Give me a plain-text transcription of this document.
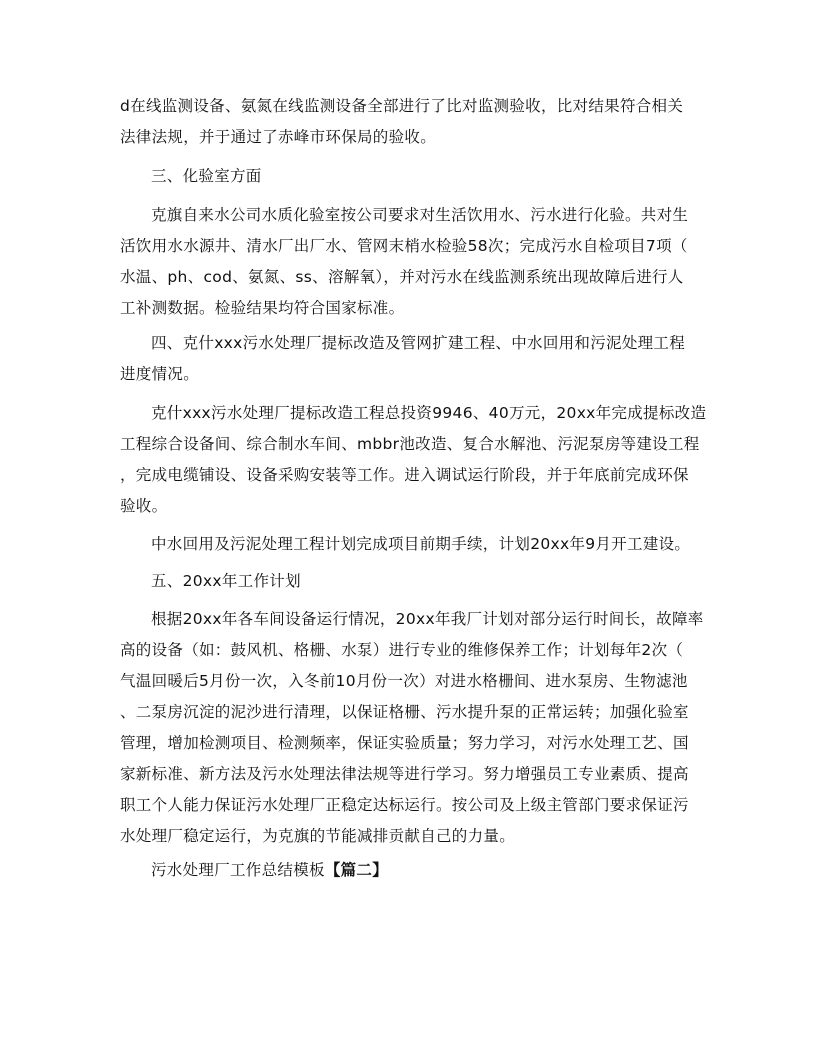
d在线监测设备、氨氮在线监测设备全部进行了比对监测验收，比对结果符合相关
法律法规，并于通过了赤峰市环保局的验收。
三、化验室方面
克旗自来水公司水质化验室按公司要求对生活饮用水、污水进行化验。共对生
活饮用水水源井、清水厂出厂水、管网末梢水检验58次；完成污水自检项目7项（
水温、ph、cod、氨氮、ss、溶解氧），并对污水在线监测系统出现故障后进行人
工补测数据。检验结果均符合国家标准。
四、克什xxx污水处理厂提标改造及管网扩建工程、中水回用和污泥处理工程
进度情况。
克什xxx污水处理厂提标改造工程总投资9946、40万元，20xx年完成提标改造
工程综合设备间、综合制水车间、mbbr池改造、复合水解池、污泥泵房等建设工程
，完成电缆铺设、设备采购安装等工作。进入调试运行阶段，并于年底前完成环保
验收。
中水回用及污泥处理工程计划完成项目前期手续，计划20xx年9月开工建设。
五、20xx年工作计划
根据20xx年各车间设备运行情况，20xx年我厂计划对部分运行时间长，故障率
高的设备（如：鼓风机、格栅、水泵）进行专业的维修保养工作；计划每年2次（
气温回暖后5月份一次，入冬前10月份一次）对进水格栅间、进水泵房、生物滤池
、二泵房沉淀的泥沙进行清理，以保证格栅、污水提升泵的正常运转；加强化验室
管理，增加检测项目、检测频率，保证实验质量；努力学习，对污水处理工艺、国
家新标准、新方法及污水处理法律法规等进行学习。努力增强员工专业素质、提高
职工个人能力保证污水处理厂正稳定达标运行。按公司及上级主管部门要求保证污
水处理厂稳定运行，为克旗的节能减排贡献自己的力量。
污水处理厂工作总结模板【篇二】
